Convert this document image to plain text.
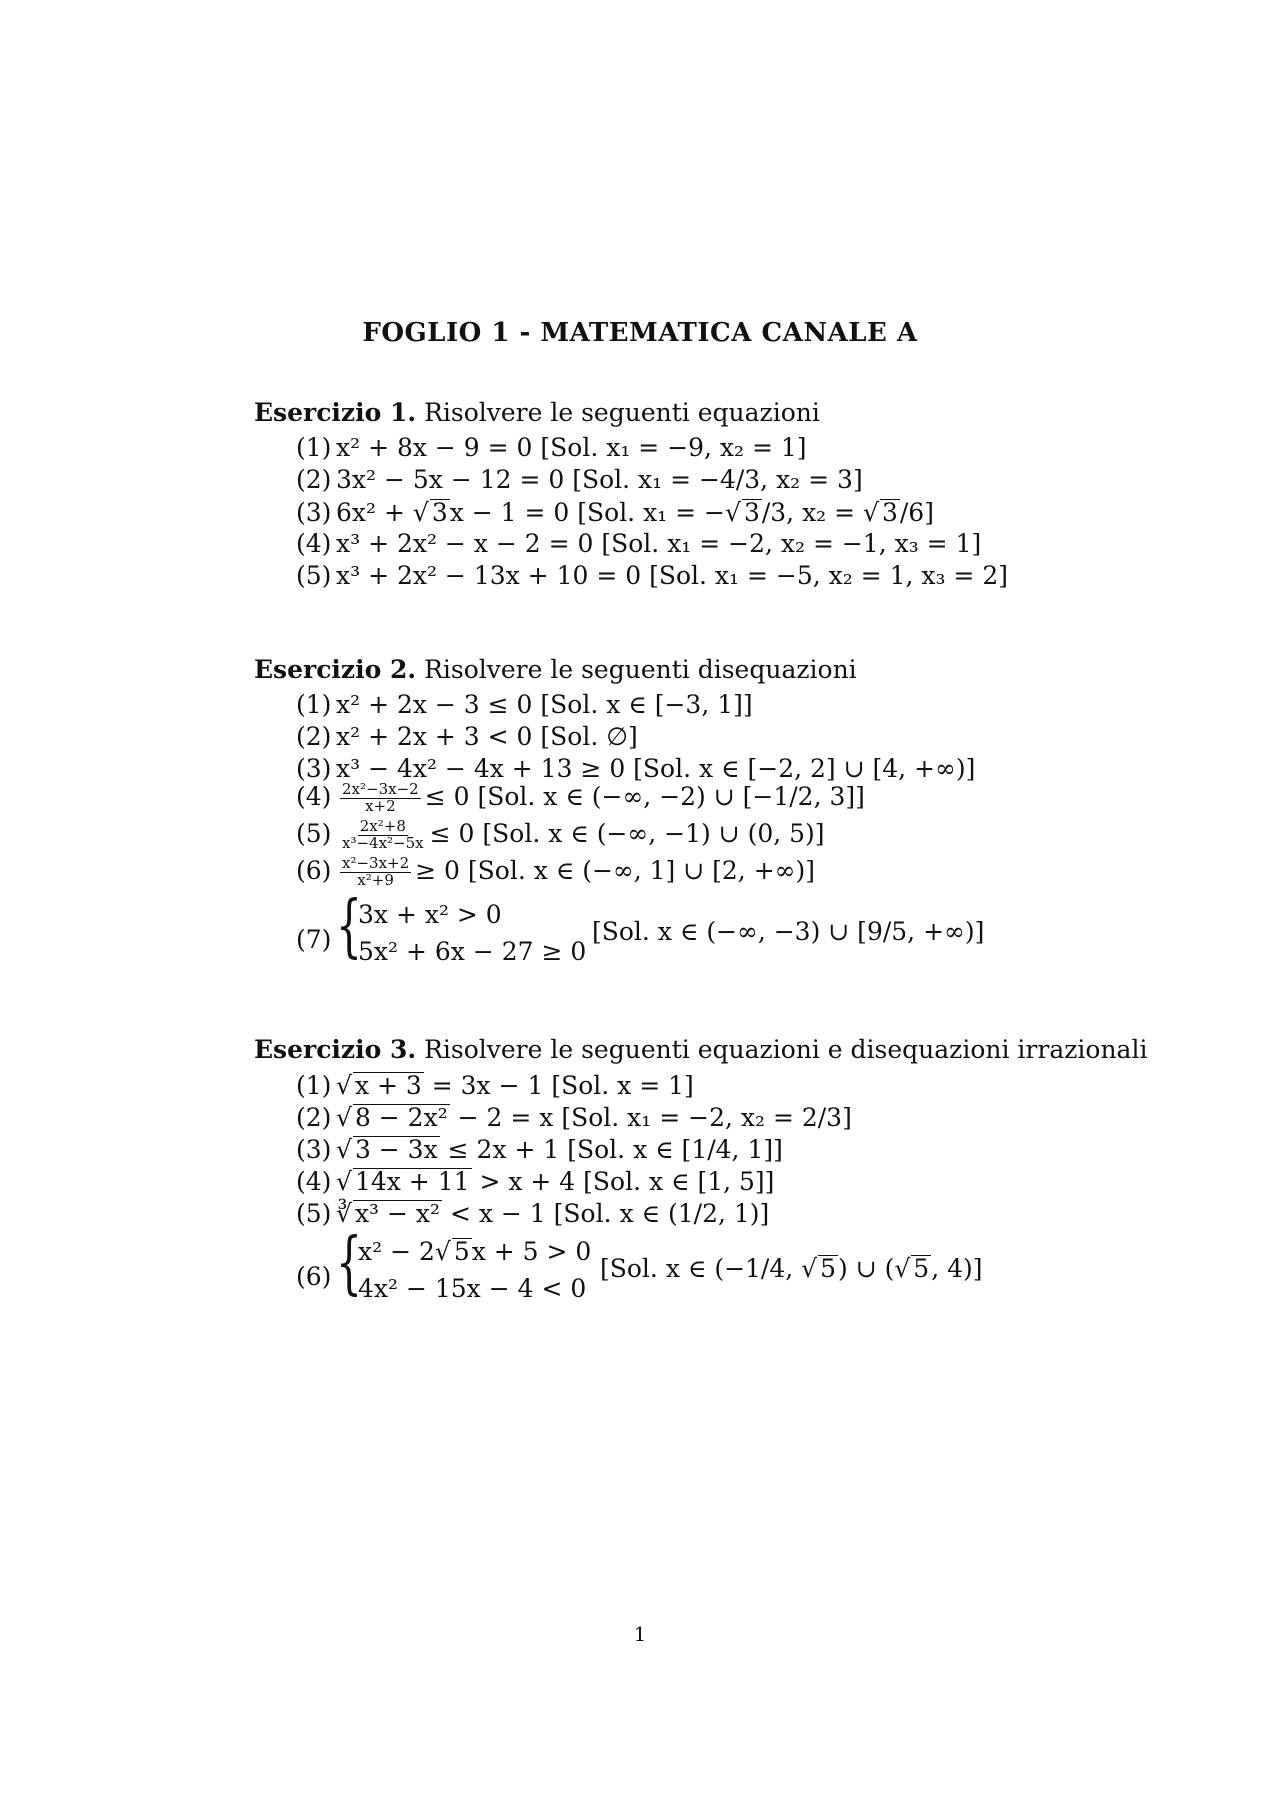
FOGLIO 1 - MATEMATICA CANALE A
Esercizio 1. Risolvere le seguenti equazioni
(1) x² + 8x − 9 = 0 [Sol. x₁ = −9, x₂ = 1]
(2) 3x² − 5x − 12 = 0 [Sol. x₁ = −4/3, x₂ = 3]
(3) 6x² + √ 3x − 1 = 0 [Sol. x₁ = −√ 3/3, x₂ = √ 3/6]
(4) x³ + 2x² − x − 2 = 0 [Sol. x₁ = −2, x₂ = −1, x₃ = 1]
(5) x³ + 2x² − 13x + 10 = 0 [Sol. x₁ = −5, x₂ = 1, x₃ = 2]
Esercizio 2. Risolvere le seguenti disequazioni
(1) x² + 2x − 3 ≤ 0 [Sol. x ∈ [−3, 1]]
(2) x² + 2x + 3 < 0 [Sol. ∅]
(3) x³ − 4x² − 4x + 13 ≥ 0 [Sol. x ∈ [−2, 2] ∪ [4, +∞)]
$(4) \frac{\text{2x²−3x−2}}{x+2} \le 0$ [Sol. x ∈ (−∞, −2) ∪ [−1/2, 3]]
$(5) \frac{\text{2x²+8}}{\text{x³−4x²−5x}} \le 0$ [Sol. x ∈ (−∞, −1) ∪ (0, 5)]
$(6) \frac{\text{x²−3x+2}}{\text{x²+9}} \ge 0$ [Sol. x ∈ (−∞, 1] ∪ [2, +∞)]
(7) {
3x + x² > 0
5x² + 6x − 27 ≥ 0
[Sol. x ∈ (−∞, −3) ∪ [9/5, +∞)]
Esercizio 3. Risolvere le seguenti equazioni e disequazioni irrazionali
(1) √ x + 3 = 3x − 1 [Sol. x = 1]
(2) √ 8 − 2x² − 2 = x [Sol. x₁ = −2, x₂ = 2/3]
(3) √ 3 − 3x ≤ 2x + 1 [Sol. x ∈ [1/4, 1]]
(4) √ 14x + 11 > x + 4 [Sol. x ∈ [1, 5]]
(5) ∛ x³ − x² < x − 1 [Sol. x ∈ (1/2, 1)]
(6) {
x² − 2√ 5x + 5 > 0
4x² − 15x − 4 < 0
[Sol. x ∈ (−1/4, √ 5) ∪ (√ 5, 4)]
1
